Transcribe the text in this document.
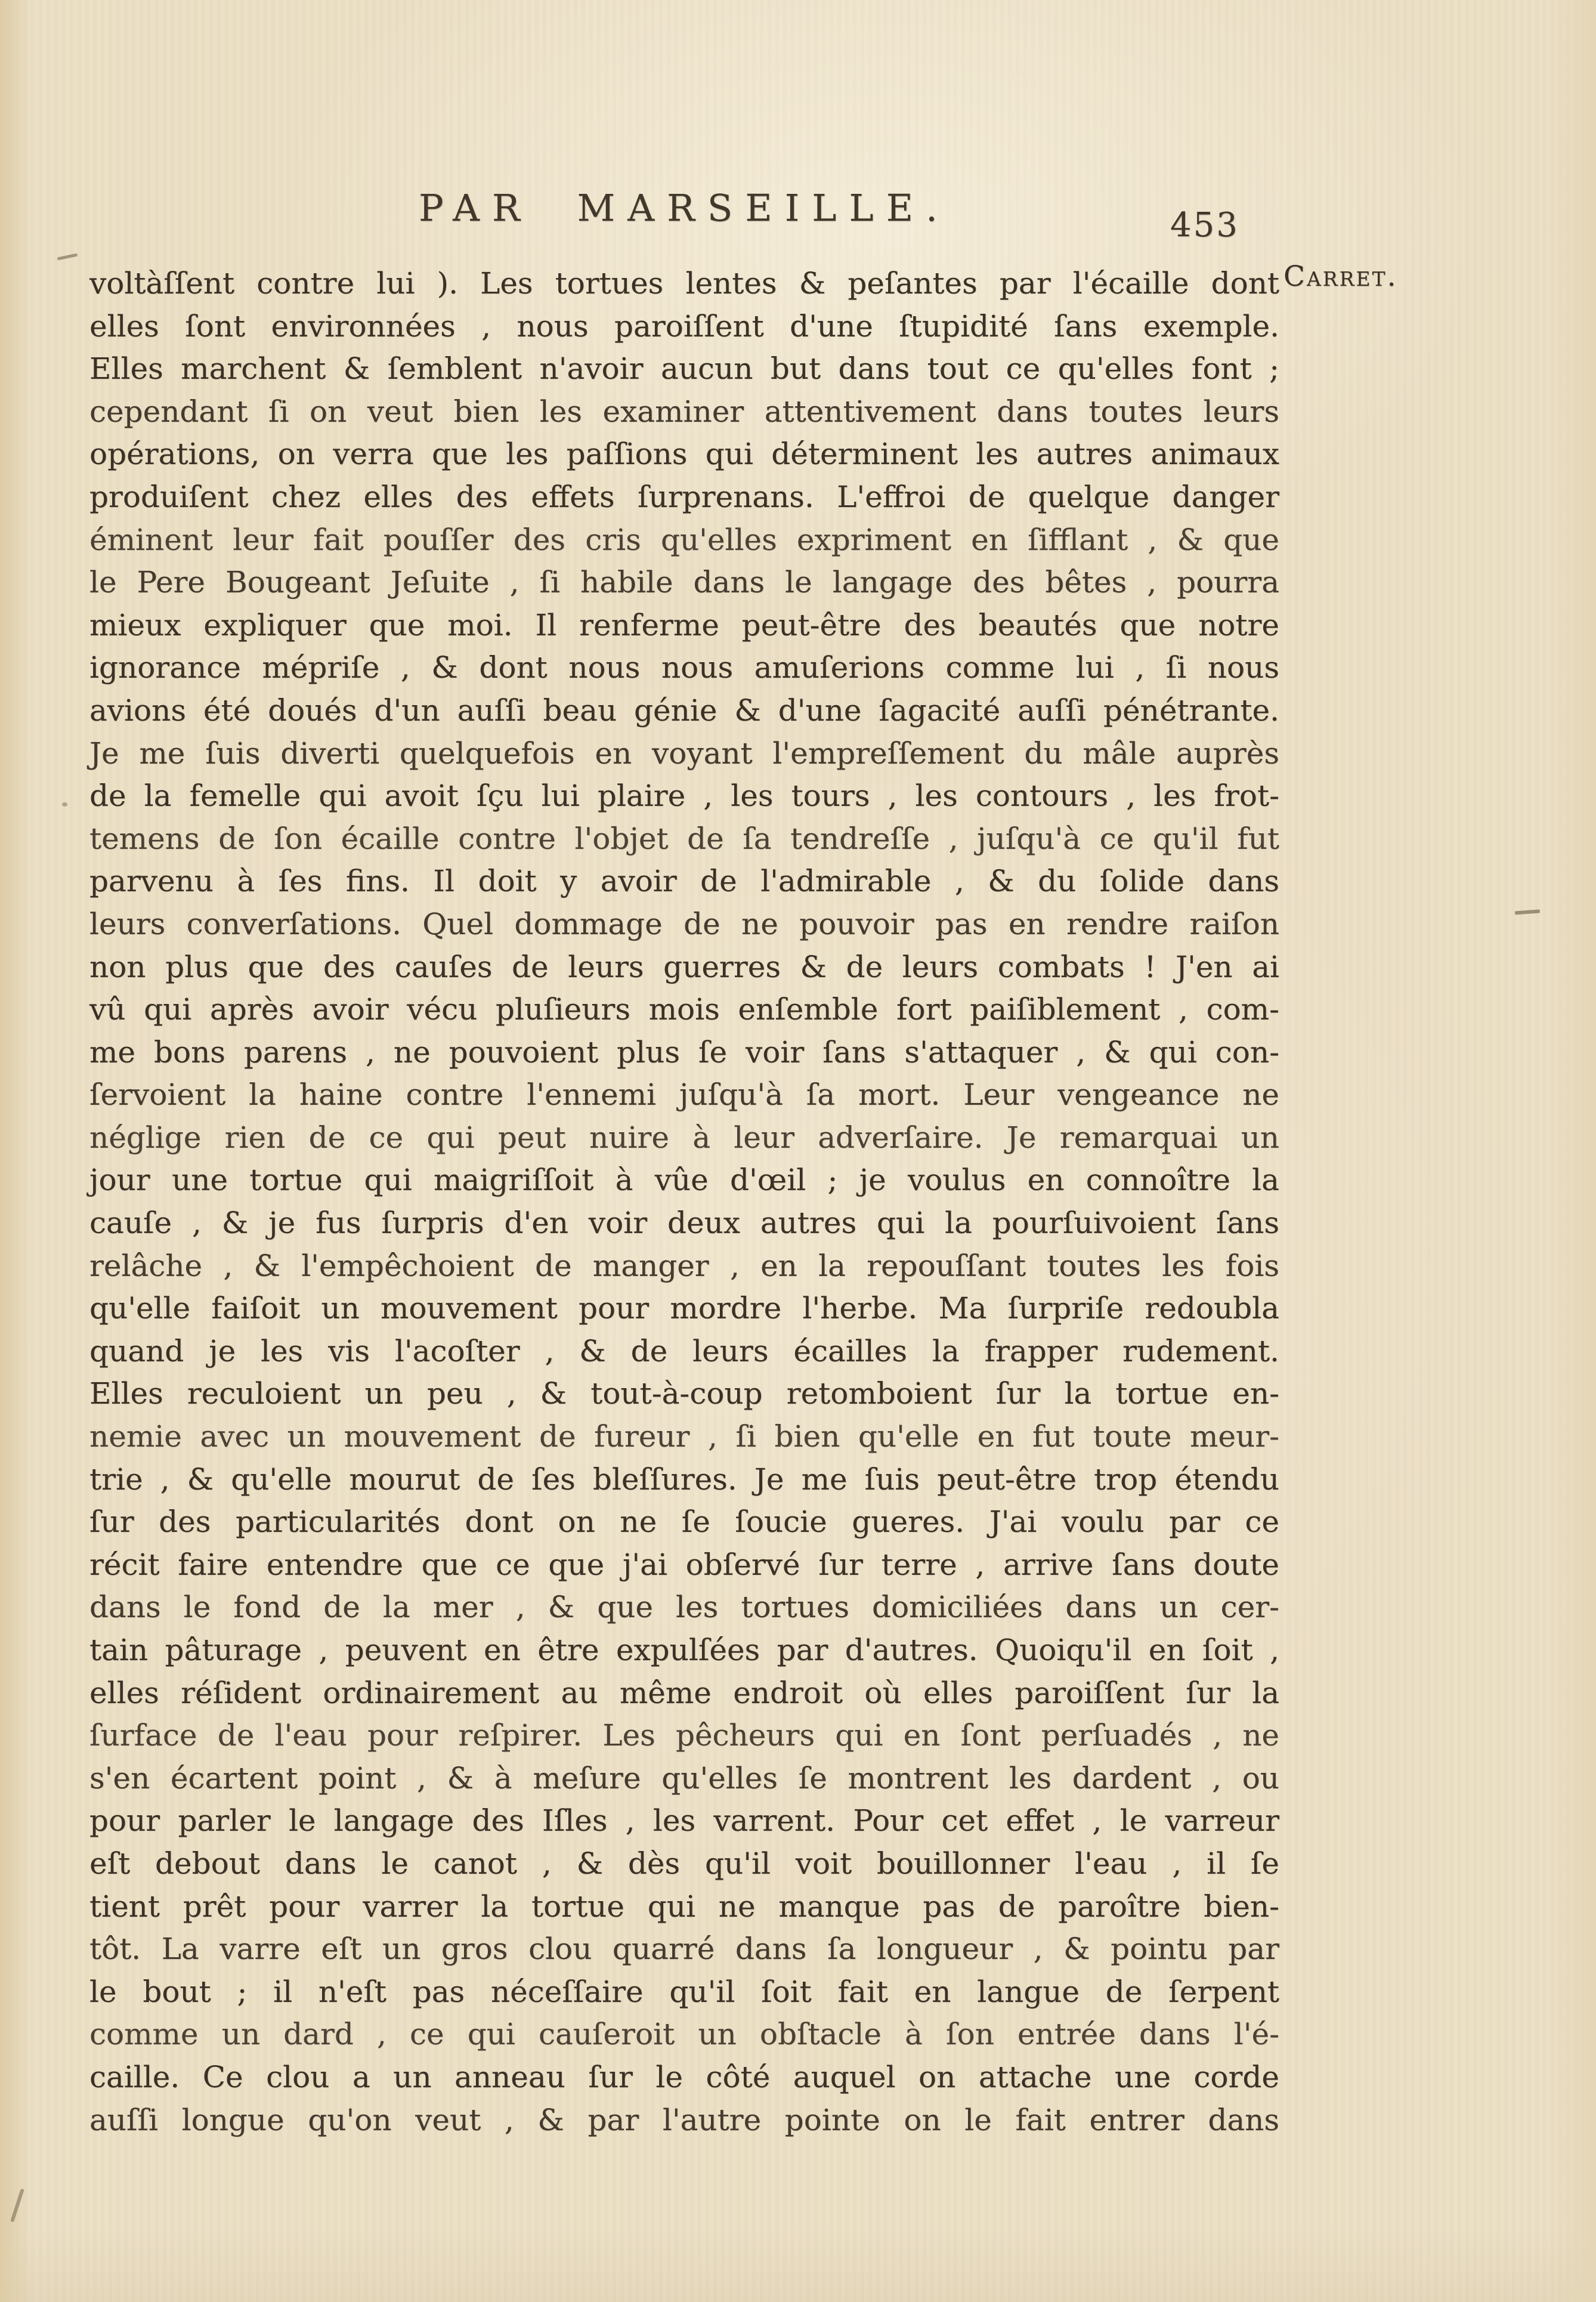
PAR MARSEILLE.	453
Carret.
voltàſſent contre lui ). Les tortues lentes & peſantes par l'écaille dont
elles ſont environnées , nous paroiſſent d'une ſtupidité ſans exemple.
Elles marchent & ſemblent n'avoir aucun but dans tout ce qu'elles font ;
cependant ſi on veut bien les examiner attentivement dans toutes leurs
opérations, on verra que les paſſions qui déterminent les autres animaux
produiſent chez elles des effets ſurprenans. L'effroi de quelque danger
éminent leur fait pouſſer des cris qu'elles expriment en ſifflant , & que
le Pere Bougeant Jeſuite , ſi habile dans le langage des bêtes , pourra
mieux expliquer que moi. Il renferme peut-être des beautés que notre
ignorance mépriſe , & dont nous nous amuſerions comme lui , ſi nous
avions été doués d'un auſſi beau génie & d'une ſagacité auſſi pénétrante.
Je me ſuis diverti quelquefois en voyant l'empreſſement du mâle auprès
de la femelle qui avoit ſçu lui plaire , les tours , les contours , les frot-
temens de ſon écaille contre l'objet de ſa tendreſſe , juſqu'à ce qu'il fut
parvenu à ſes fins. Il doit y avoir de l'admirable , & du ſolide dans
leurs converſations. Quel dommage de ne pouvoir pas en rendre raiſon
non plus que des cauſes de leurs guerres & de leurs combats ! J'en ai
vû qui après avoir vécu pluſieurs mois enſemble fort paiſiblement , com-
me bons parens , ne pouvoient plus ſe voir ſans s'attaquer , & qui con-
ſervoient la haine contre l'ennemi juſqu'à ſa mort. Leur vengeance ne
néglige rien de ce qui peut nuire à leur adverſaire. Je remarquai un
jour une tortue qui maigriſſoit à vûe d'œil ; je voulus en connoître la
cauſe , & je fus ſurpris d'en voir deux autres qui la pourſuivoient ſans
relâche , & l'empêchoient de manger , en la repouſſant toutes les fois
qu'elle faiſoit un mouvement pour mordre l'herbe. Ma ſurpriſe redoubla
quand je les vis l'acoſter , & de leurs écailles la frapper rudement.
Elles reculoient un peu , & tout-à-coup retomboient ſur la tortue en-
nemie avec un mouvement de fureur , ſi bien qu'elle en fut toute meur-
trie , & qu'elle mourut de ſes bleſſures. Je me ſuis peut-être trop étendu
ſur des particularités dont on ne ſe ſoucie gueres. J'ai voulu par ce
récit faire entendre que ce que j'ai obſervé ſur terre , arrive ſans doute
dans le fond de la mer , & que les tortues domiciliées dans un cer-
tain pâturage , peuvent en être expulſées par d'autres. Quoiqu'il en ſoit ,
elles réſident ordinairement au même endroit où elles paroiſſent ſur la
ſurface de l'eau pour reſpirer. Les pêcheurs qui en ſont perſuadés , ne
s'en écartent point , & à meſure qu'elles ſe montrent les dardent , ou
pour parler le langage des Iſles , les varrent. Pour cet effet , le varreur
eſt debout dans le canot , & dès qu'il voit bouillonner l'eau , il ſe
tient prêt pour varrer la tortue qui ne manque pas de paroître bien-
tôt. La varre eſt un gros clou quarré dans ſa longueur , & pointu par
le bout ; il n'eſt pas néceſſaire qu'il ſoit fait en langue de ſerpent
comme un dard , ce qui cauſeroit un obſtacle à ſon entrée dans l'é-
caille. Ce clou a un anneau ſur le côté auquel on attache une corde
auſſi longue qu'on veut , & par l'autre pointe on le fait entrer dans
